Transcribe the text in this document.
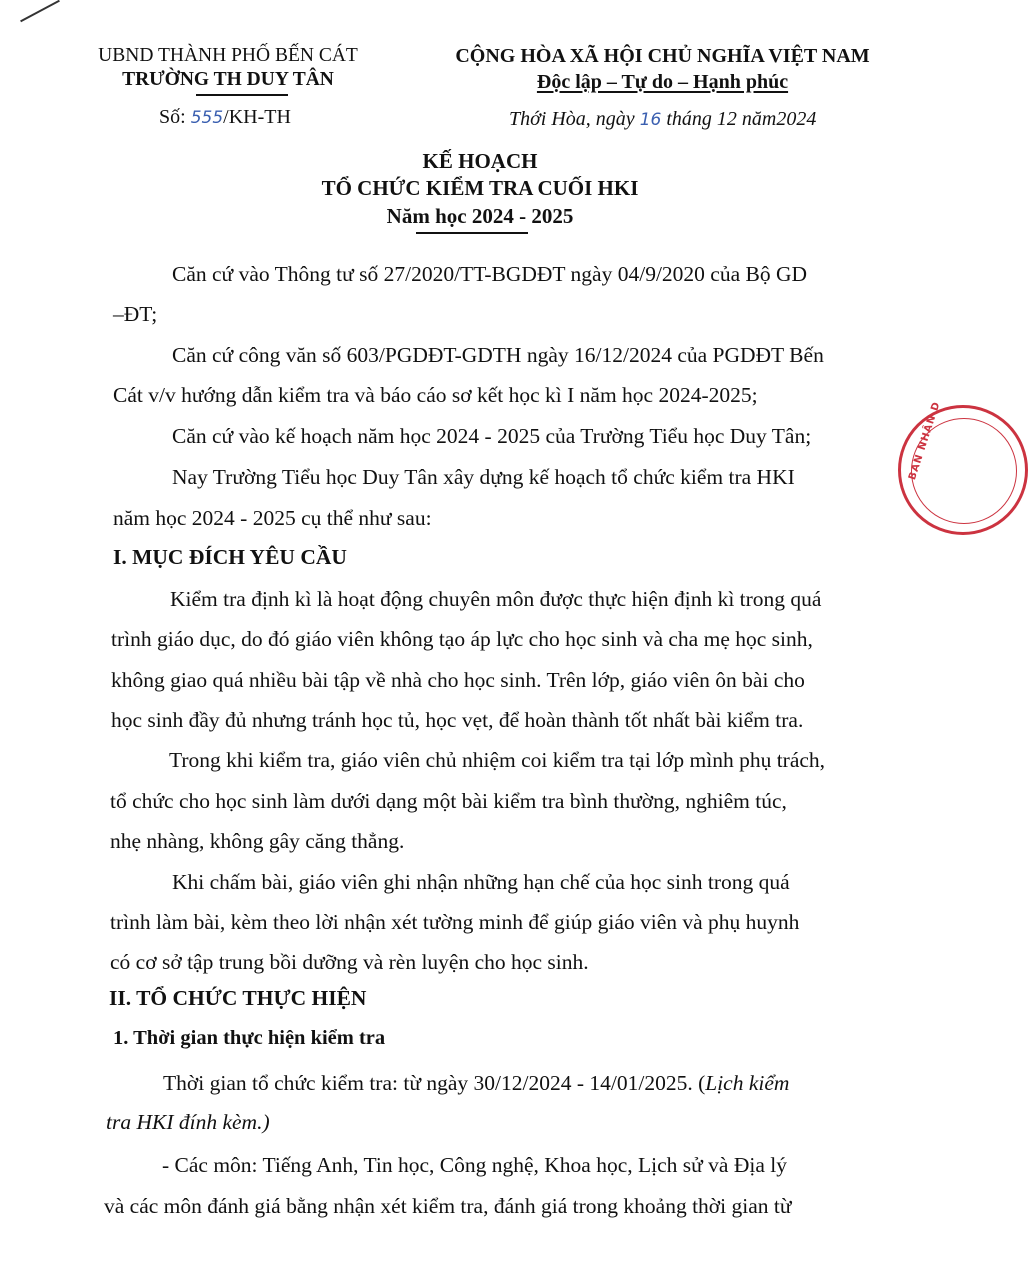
BAN NHÂN D
UBND THÀNH PHỐ BẾN CÁT
TRƯỜNG TH DUY TÂN
Số: 555/KH-TH
CỘNG HÒA XÃ HỘI CHỦ NGHĨA VIỆT NAM
Độc lập – Tự do – Hạnh phúc
Thới Hòa, ngày 16 tháng 12 năm2024
KẾ HOẠCH
TỔ CHỨC KIỂM TRA CUỐI HKI
Năm học 2024 - 2025
Căn cứ vào Thông tư số 27/2020/TT-BGDĐT ngày 04/9/2020 của Bộ GD
–ĐT;
Căn cứ công văn số 603/PGDĐT-GDTH ngày 16/12/2024 của PGDĐT Bến
Cát v/v hướng dẫn kiểm tra và báo cáo sơ kết học kì I năm học 2024-2025;
Căn cứ vào kế hoạch năm học 2024 - 2025 của Trường Tiểu học Duy Tân;
Nay Trường Tiểu học Duy Tân xây dựng kế hoạch tổ chức kiểm tra HKI
năm học 2024 - 2025 cụ thể như sau:
I. MỤC ĐÍCH YÊU CẦU
Kiểm tra định kì là hoạt động chuyên môn được thực hiện định kì trong quá
trình giáo dục, do đó giáo viên không tạo áp lực cho học sinh và cha mẹ học sinh,
không giao quá nhiều bài tập về nhà cho học sinh. Trên lớp, giáo viên ôn bài cho
học sinh đầy đủ nhưng tránh học tủ, học vẹt, để hoàn thành tốt nhất bài kiểm tra.
Trong khi kiểm tra, giáo viên chủ nhiệm coi kiểm tra tại lớp mình phụ trách,
tổ chức cho học sinh làm dưới dạng một bài kiểm tra bình thường, nghiêm túc,
nhẹ nhàng, không gây căng thẳng.
Khi chấm bài, giáo viên ghi nhận những hạn chế của học sinh trong quá
trình làm bài, kèm theo lời nhận xét tường minh để giúp giáo viên và phụ huynh
có cơ sở tập trung bồi dưỡng và rèn luyện cho học sinh.
II. TỔ CHỨC THỰC HIỆN
1. Thời gian thực hiện kiểm tra
Thời gian tổ chức kiểm tra: từ ngày 30/12/2024 - 14/01/2025. (Lịch kiểm
tra HKI đính kèm.)
- Các môn: Tiếng Anh, Tin học, Công nghệ, Khoa học, Lịch sử và Địa lý
và các môn đánh giá bằng nhận xét kiểm tra, đánh giá trong khoảng thời gian từ
